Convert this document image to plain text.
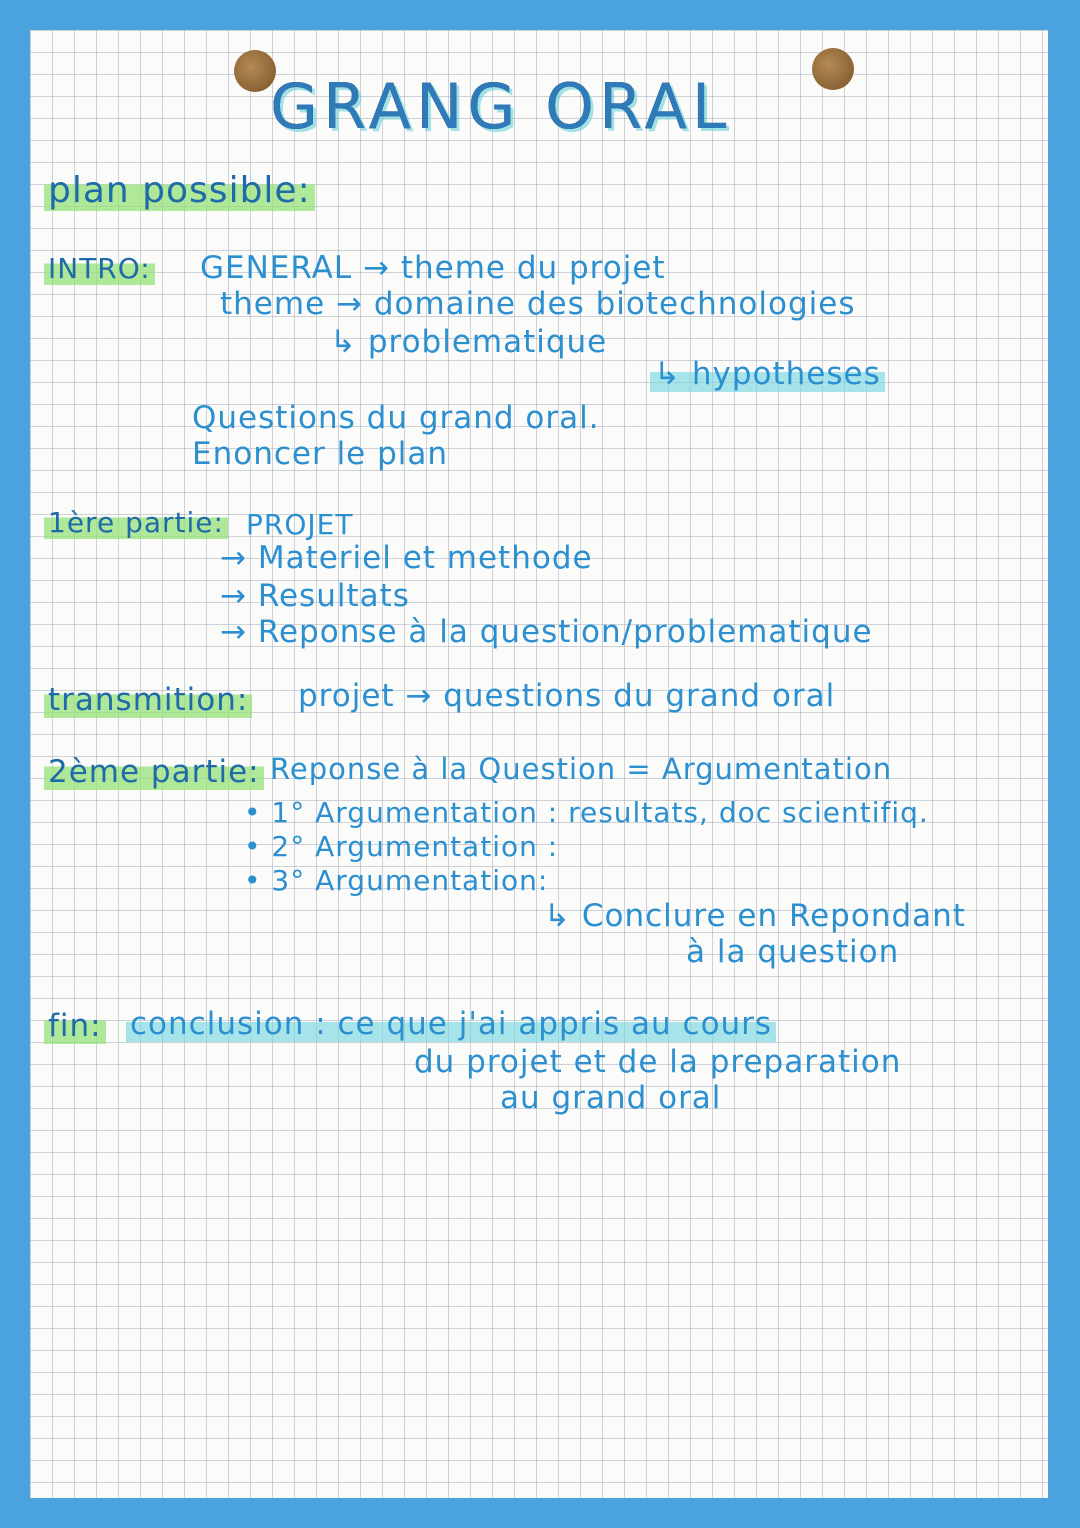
GRANG ORAL
plan possible:
INTRO: GENERAL → theme du projet
theme → domaine des biotechnologies
↳ problematique
↳ hypotheses
Questions du grand oral.
Enoncer le plan
1ère partie: PROJET
→ Materiel et methode
→ Resultats
→ Reponse à la question/problematique
transmition: projet → questions du grand oral
2ème partie: Reponse à la Question = Argumentation
• 1° Argumentation : resultats, doc scientifiq.
• 2° Argumentation :
• 3° Argumentation:
↳ Conclure en Repondant
à la question
fin: conclusion : ce que j'ai appris au cours
du projet et de la preparation
au grand oral
